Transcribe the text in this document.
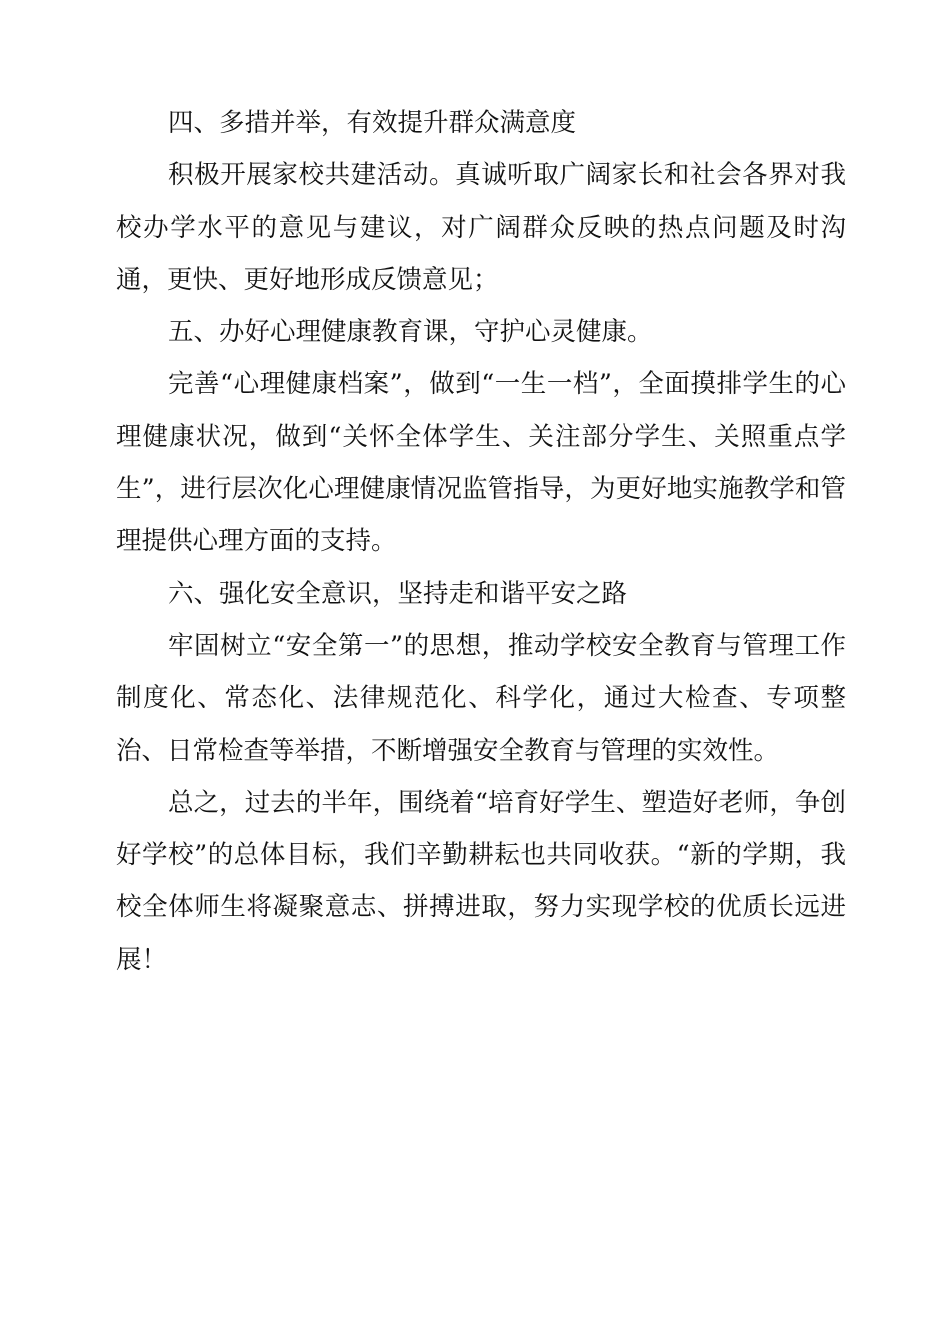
四、多措并举，有效提升群众满意度

积极开展家校共建活动。真诚听取广阔家长和社会各界对我校办学水平的意见与建议，对广阔群众反映的热点问题及时沟通，更快、更好地形成反馈意见；

五、办好心理健康教育课，守护心灵健康。

完善“心理健康档案”，做到“一生一档”，全面摸排学生的心理健康状况，做到“关怀全体学生、关注部分学生、关照重点学生”，进行层次化心理健康情况监管指导，为更好地实施教学和管理提供心理方面的支持。

六、强化安全意识，坚持走和谐平安之路

牢固树立“安全第一”的思想，推动学校安全教育与管理工作制度化、常态化、法律规范化、科学化，通过大检查、专项整治、日常检查等举措，不断增强安全教育与管理的实效性。

总之，过去的半年，围绕着“培育好学生、塑造好老师，争创好学校”的总体目标，我们辛勤耕耘也共同收获。“新的学期，我校全体师生将凝聚意志、拼搏进取，努力实现学校的优质长远进展！
